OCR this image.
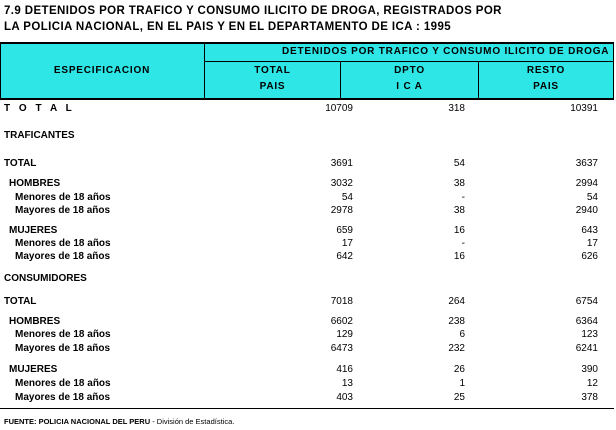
7.9 DETENIDOS POR TRAFICO Y CONSUMO ILICITO DE DROGA, REGISTRADOS POR
LA POLICIA NACIONAL, EN EL PAIS Y EN EL DEPARTAMENTO DE ICA : 1995
ESPECIFICACION
DETENIDOS POR TRAFICO Y CONSUMO ILICITO DE DROGA
TOTAL
PAIS
DPTO
I C A
RESTO
PAIS
T O T A L	10709	318	10391
TRAFICANTES
TOTAL	3691	54	3637
HOMBRES	3032	38	2994
Menores de 18 años	54	-	54
Mayores de 18 años	2978	38	2940
MUJERES	659	16	643
Menores de 18 años	17	-	17
Mayores de 18 años	642	16	626
CONSUMIDORES
TOTAL	7018	264	6754
HOMBRES	6602	238	6364
Menores de 18 años	129	6	123
Mayores de 18 años	6473	232	6241
MUJERES	416	26	390
Menores de 18 años	13	1	12
Mayores de 18 años	403	25	378
FUENTE: POLICIA NACIONAL DEL PERU - División de Estadística.
